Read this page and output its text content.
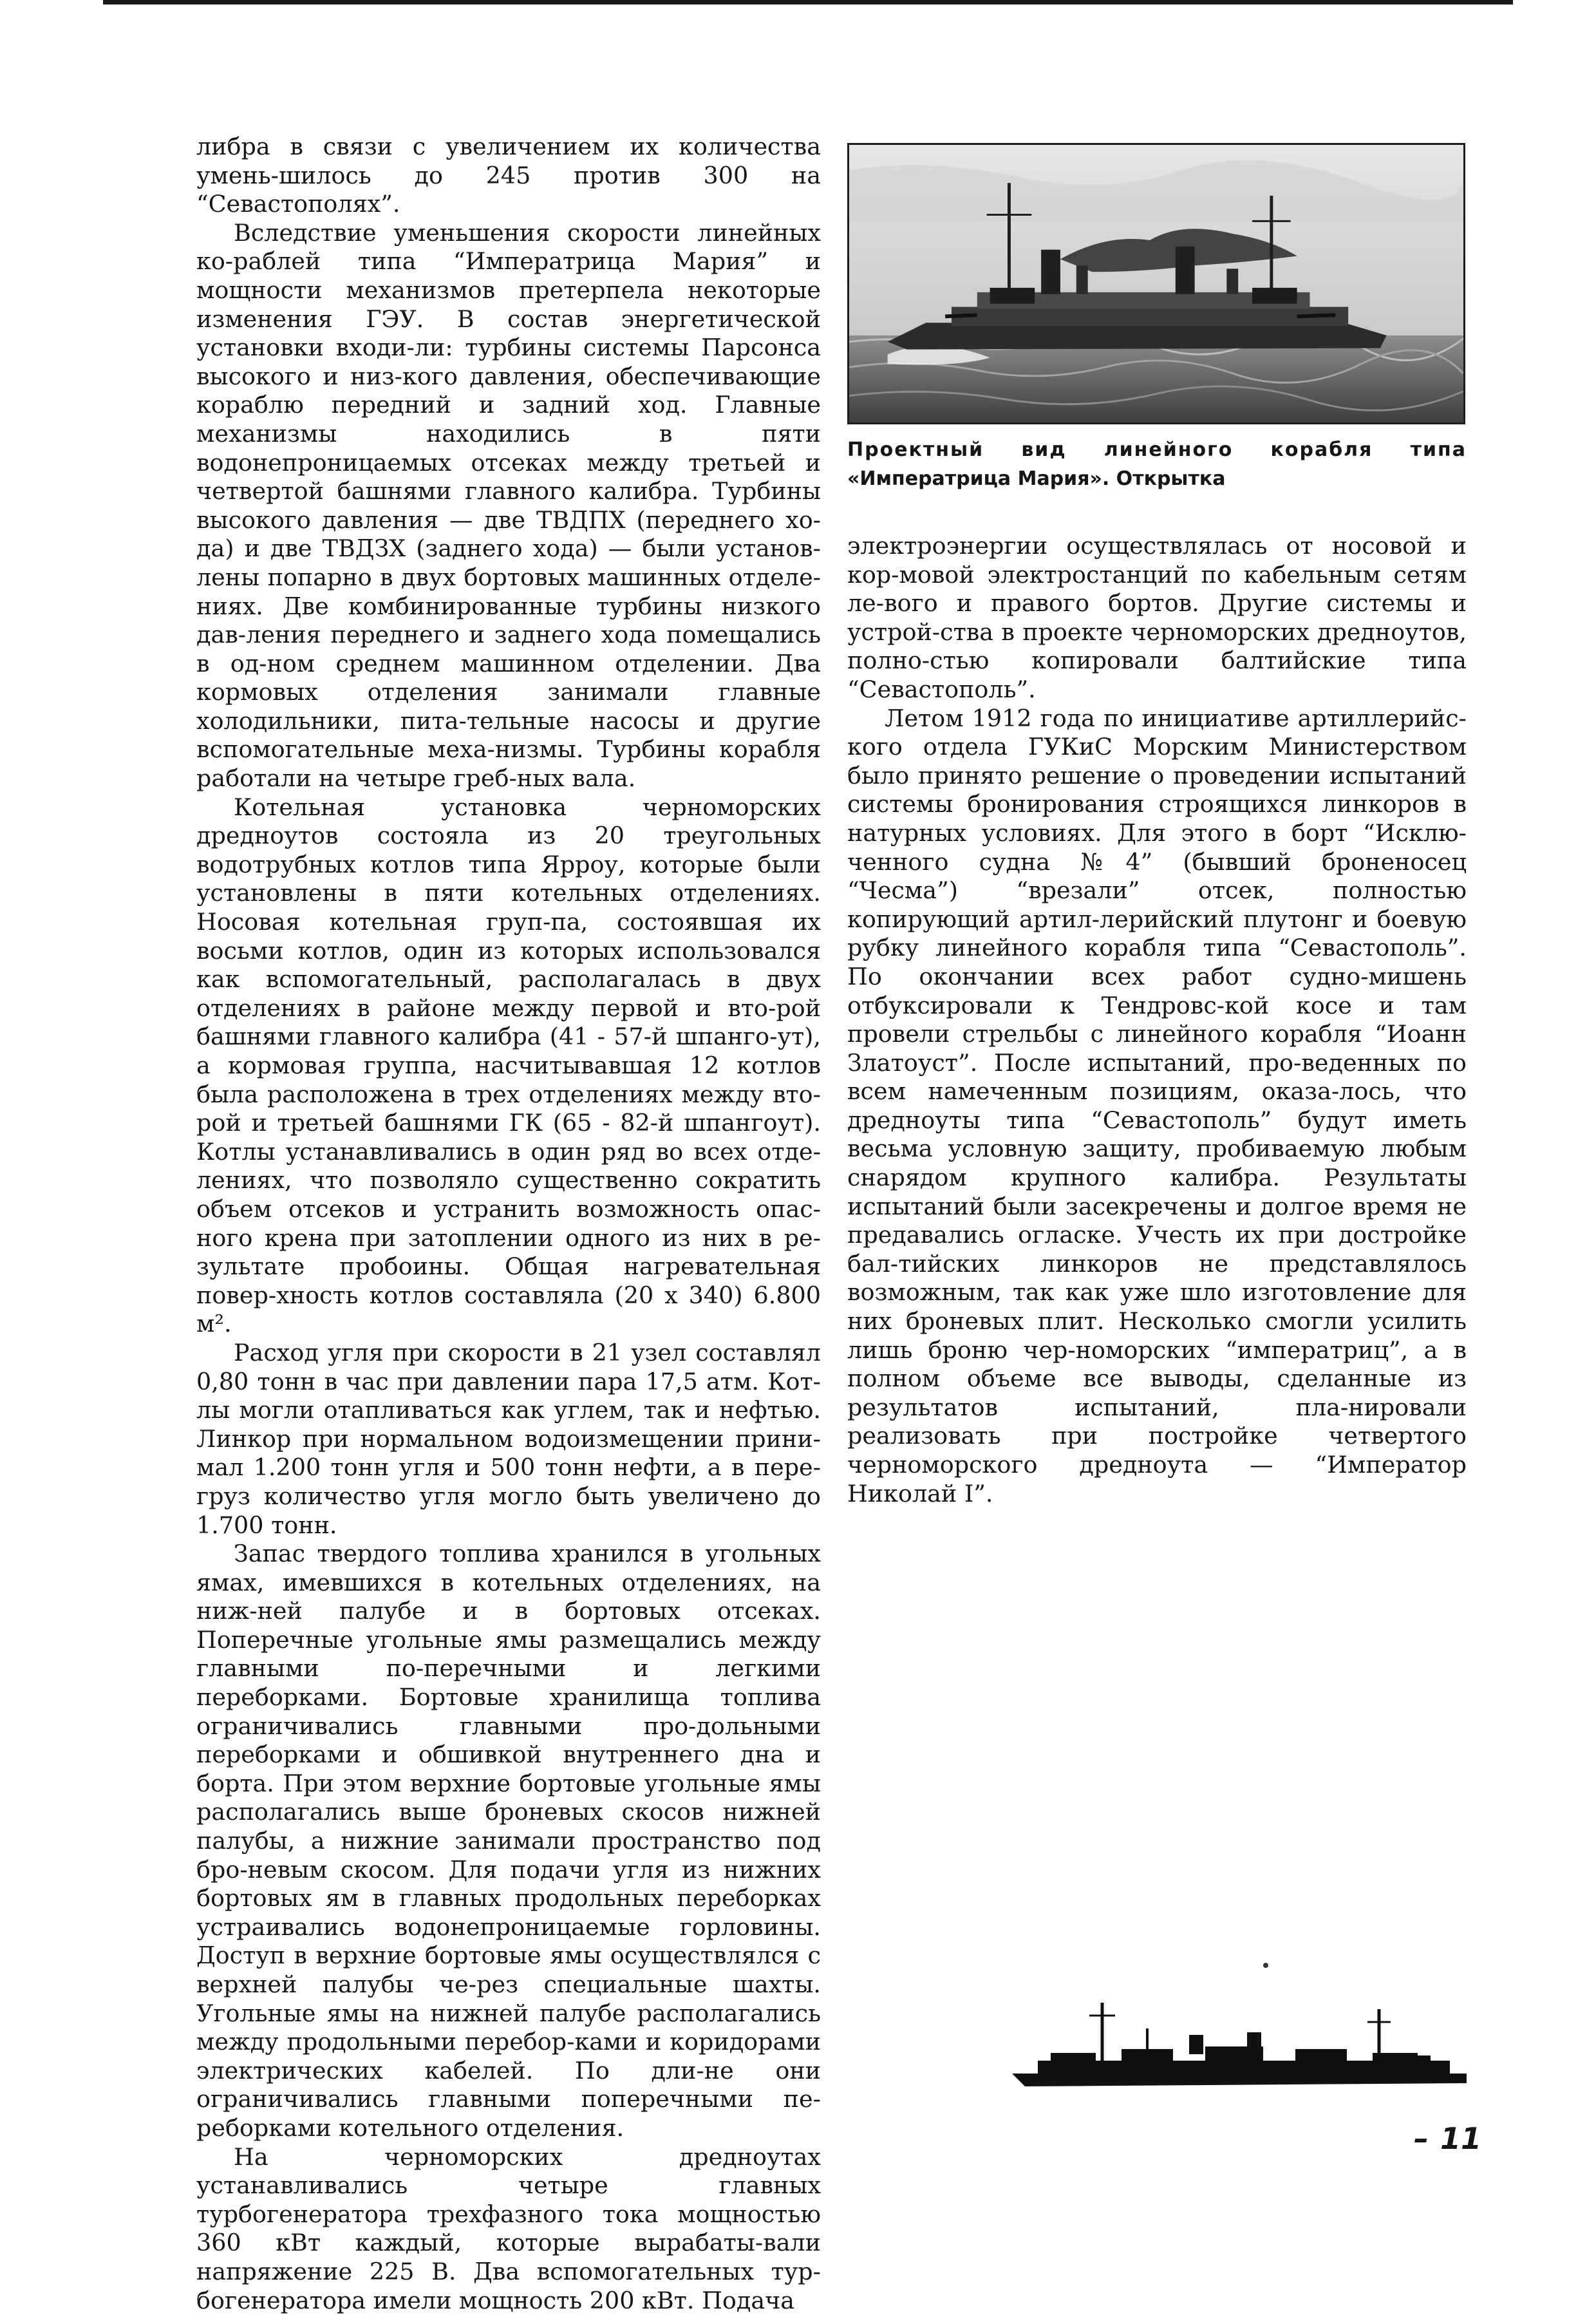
либра в связи с увеличением их количества умень-шилось до 245 против 300 на “Севастополях”.

Вследствие уменьшения скорости линейных ко-раблей типа “Императрица Мария” и мощности механизмов претерпела некоторые изменения ГЭУ. В состав энергетической установки входи-ли: турбины системы Парсонса высокого и низ-кого давления, обеспечивающие кораблю передний и задний ход. Главные механизмы находились в	пяти водонепроницаемых отсеках между третьей и четвертой башнями главного калибра. Турбины высокого давления — две ТВДПХ (переднего хо-да) и две ТВДЗХ (заднего хода) — были установ-лены попарно в двух бортовых машинных отделе-ниях. Две комбинированные турбины низкого дав-ления переднего и заднего хода помещались в од-ном среднем машинном отделении. Два кормовых отделения занимали главные холодильники, пита-тельные насосы и другие вспомогательные меха-низмы. Турбины корабля работали на четыре греб-ных вала.

Котельная установка черноморских дредноутов состояла из 20 треугольных водотрубных котлов типа Ярроу, которые были установлены в пяти котельных отделениях. Носовая котельная груп-па, состоявшая их восьми котлов, один из которых использовался как вспомогательный, располагалась в двух отделениях в районе между первой и вто-рой башнями главного калибра (41 - 57-й шпанго-ут), а кормовая группа, насчитывавшая 12 котлов была расположена в трех отделениях между вто-рой и третьей башнями ГК (65 - 82-й шпангоут). Котлы устанавливались в один ряд во всех отде-лениях, что позволяло существенно сократить объем отсеков и устранить возможность опас-ного крена при затоплении одного из них в ре-зультате пробоины. Общая нагревательная повер-хность котлов составляла (20 х 340) 6.800 м².

Расход угля при скорости в 21 узел составлял 0,80 тонн в час при давлении пара 17,5 атм. Кот-лы могли отапливаться как углем, так и нефтью. Линкор при нормальном водоизмещении прини-мал 1.200 тонн угля и 500 тонн нефти, а в пере-груз количество угля могло быть увеличено до 1.700 тонн.

Запас твердого топлива хранился в угольных ямах, имевшихся в котельных отделениях, на ниж-ней палубе и в бортовых отсеках. Поперечные угольные ямы размещались между главными по-перечными и легкими переборками. Бортовые хранилища топлива ограничивались главными про-дольными переборками и обшивкой внутреннего дна и борта. При этом верхние бортовые угольные ямы располагались выше броневых скосов нижней палубы, а нижние занимали пространство под бро-невым скосом. Для подачи угля из нижних бортовых ям в главных продольных переборках устраивались водонепроницаемые горловины. Доступ в верхние бортовые ямы осуществлялся с верхней палубы че-рез специальные шахты. Угольные ямы на нижней палубе располагались между продольными перебор-ками и коридорами электрических кабелей. По дли-не они ограничивались главными поперечными пе-реборками котельного отделения.

На черноморских дредноутах устанавливались	четыре главных турбогенератора трехфазного тока мощностью 360 кВт каждый, которые вырабаты-вали напряжение 225 В. Два вспомогательных тур-богенератора имели мощность 200 кВт. Подача

Проектный вид линейного корабля типа
«Императрица Мария». Открытка

электроэнергии осуществлялась от носовой и кор-мовой электростанций по кабельным сетям ле-вого и правого бортов. Другие системы и устрой-ства в проекте черноморских дредноутов, полно-стью копировали балтийские типа “Севастополь”.

Летом 1912 года по инициативе артиллерийс-кого отдела ГУКиС Морским Министерством было принято решение о проведении испытаний системы бронирования строящихся линкоров в натурных условиях. Для этого в борт “Исклю-ченного судна №4” (бывший броненосец “Чесма”) “врезали” отсек, полностью копирующий артил-лерийский плутонг и боевую рубку линейного корабля типа “Севастополь”. По окончании всех работ судно-мишень отбуксировали к Тендровс-кой косе и там провели стрельбы с линейного корабля “Иоанн Златоуст”. После испытаний, про-веденных по всем намеченным позициям, оказа-лось, что дредноуты типа “Севастополь” будут иметь весьма условную защиту, пробиваемую любым снарядом крупного калибра. Результаты испытаний были засекречены и долгое время не предавались огласке. Учесть их при достройке бал-тийских линкоров не представлялось возможным, так как уже шло изготовление для них броневых плит. Несколько смогли усилить лишь броню чер-номорских “императриц”, а в полном объеме все выводы, сделанные из результатов испытаний, пла-нировали реализовать при постройке четвертого черноморского дредноута — “Император Николай I”.

– 11
